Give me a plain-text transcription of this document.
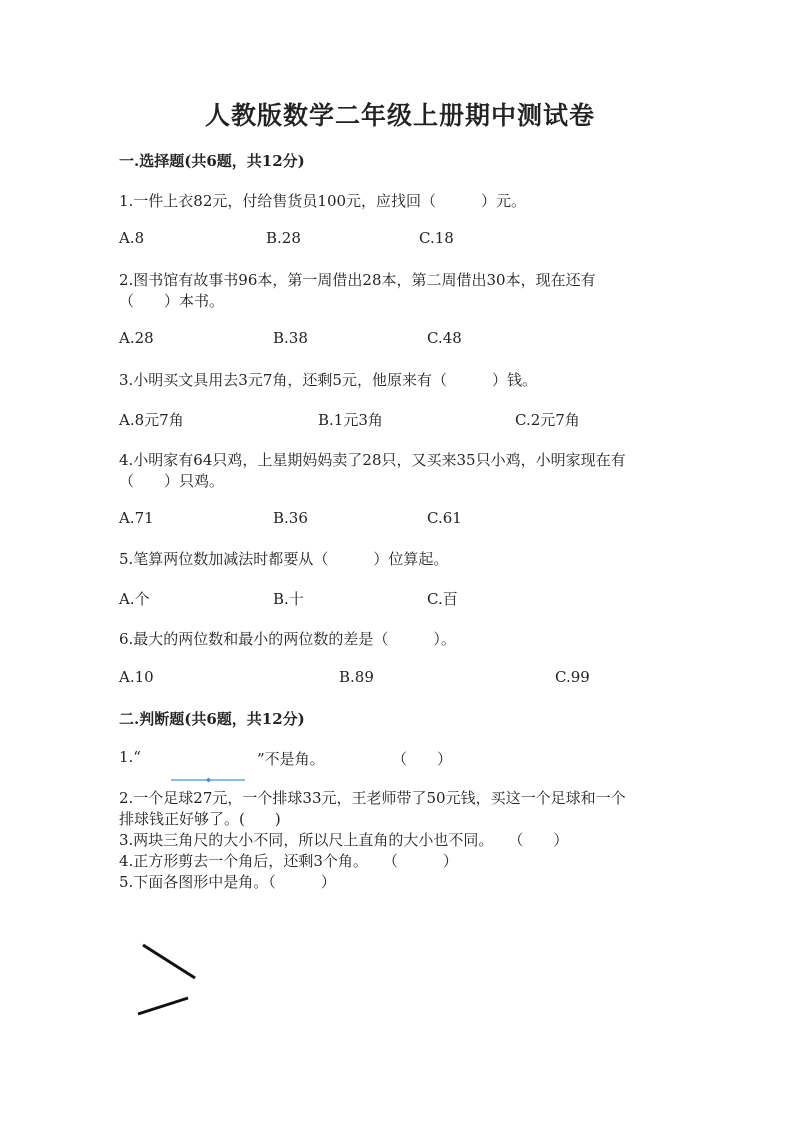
人教版数学二年级上册期中测试卷
一.选择题(共6题，共12分)
1.一件上衣82元，付给售货员100元，应找回（　　　）元。
A.8	B.28	C.18
2.图书馆有故事书96本，第一周借出28本，第二周借出30本，现在还有
（　　）本书。
A.28	B.38	C.48
3.小明买文具用去3元7角，还剩5元，他原来有（　　　）钱。
A.8元7角	B.1元3角	C.2元7角
4.小明家有64只鸡，上星期妈妈卖了28只，又买来35只小鸡，小明家现在有
（　　）只鸡。
A.71	B.36	C.61
5.笔算两位数加减法时都要从（　　　）位算起。
A.个	B.十	C.百
6.最大的两位数和最小的两位数的差是（　　　）。
A.10	B.89	C.99
二.判断题(共6题，共12分)
1.“	”不是角。	（　　）
2.一个足球27元，一个排球33元，王老师带了50元钱，买这一个足球和一个
排球钱正好够了。(　　)
3.两块三角尺的大小不同，所以尺上直角的大小也不同。　　（　　）
4.正方形剪去一个角后，还剩3个角。　　（　　　）
5.下面各图形中是角。（　　　）
